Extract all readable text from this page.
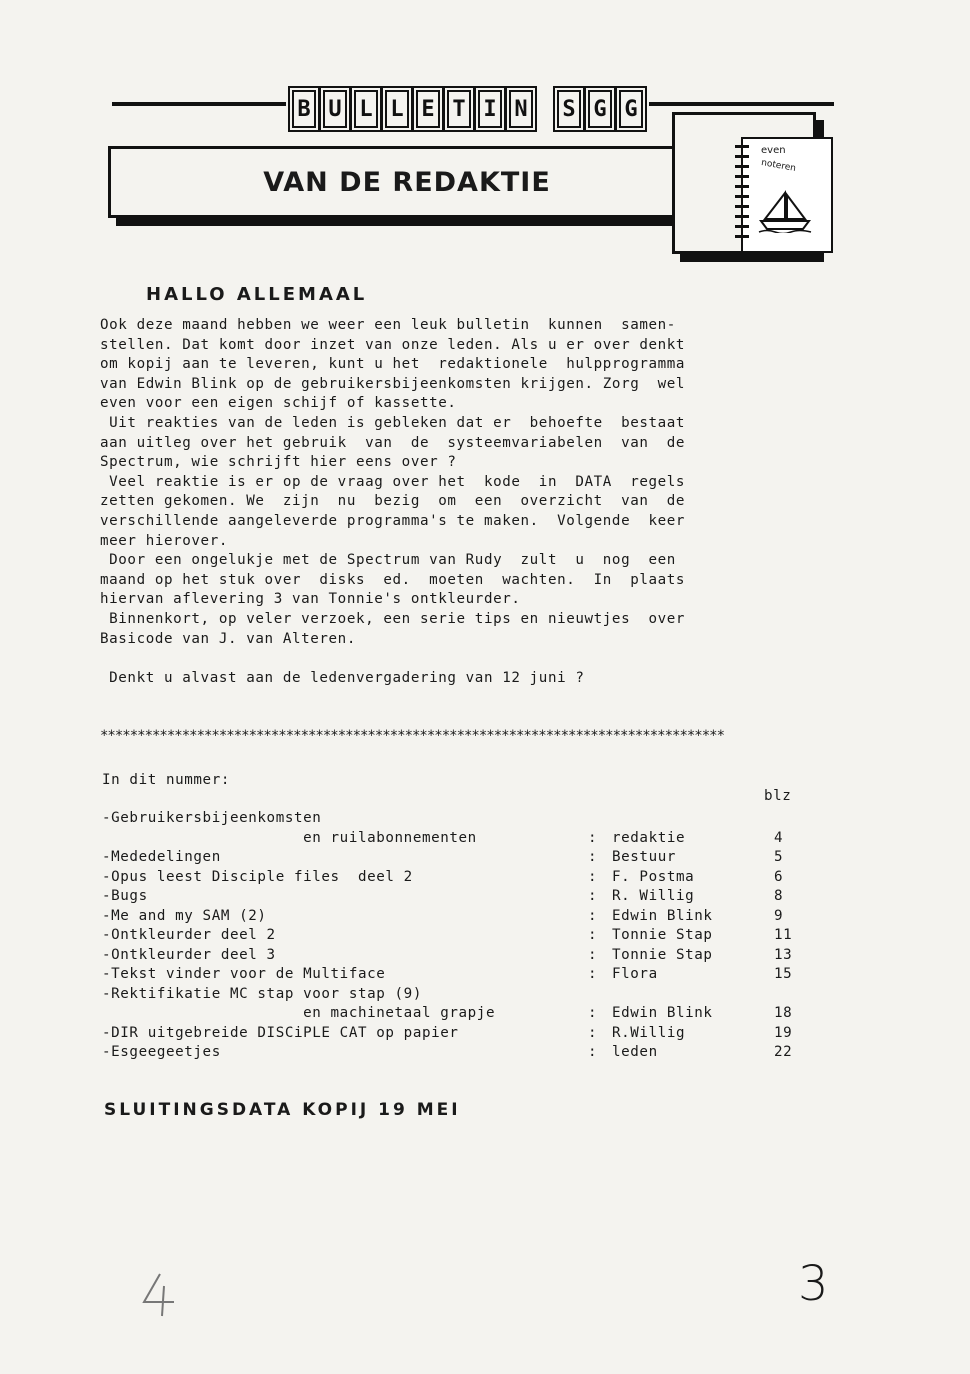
B U L L E T I N S G G
VAN DE REDAKTIE
even
noteren
HALLO ALLEMAAL
Ook deze maand hebben we weer een leuk bulletin  kunnen  samen-
stellen. Dat komt door inzet van onze leden. Als u er over denkt
om kopij aan te leveren, kunt u het  redaktionele  hulpprogramma
van Edwin Blink op de gebruikersbijeenkomsten krijgen. Zorg  wel
even voor een eigen schijf of kassette.
Uit reakties van de leden is gebleken dat er  behoefte  bestaat
aan uitleg over het gebruik  van  de  systeemvariabelen  van  de
Spectrum, wie schrijft hier eens over ?
Veel reaktie is er op de vraag over het  kode  in  DATA  regels
zetten gekomen. We  zijn  nu  bezig  om  een  overzicht  van  de
verschillende aangeleverde programma's te maken.  Volgende  keer
meer hierover.
Door een ongelukje met de Spectrum van Rudy  zult  u  nog  een
maand op het stuk over  disks  ed.  moeten  wachten.  In  plaats
hiervan aflevering 3 van Tonnie's ontkleurder.
Binnenkort, op veler verzoek, een serie tips en nieuwtjes  over
Basicode van J. van Alteren.
Denkt u alvast aan de ledenvergadering van 12 juni ?
************************************************************************************
In dit nummer:
blz
-Gebruikersbijeenkomsten
en ruilabonnementen	: redaktie	4
-Mededelingen	: Bestuur	5
-Opus leest Disciple files  deel 2	: F. Postma	6
-Bugs	: R. Willig	8
-Me and my SAM (2)	: Edwin Blink	9
-Ontkleurder deel 2	: Tonnie Stap	11
-Ontkleurder deel 3	: Tonnie Stap	13
-Tekst vinder voor de Multiface	: Flora	15
-Rektifikatie MC stap voor stap (9)
en machinetaal grapje	: Edwin Blink	18
-DIR uitgebreide DISCiPLE CAT op papier	: R.Willig	19
-Esgeegeetjes	: leden	22
SLUITINGSDATA KOPIJ 19 MEI
3
